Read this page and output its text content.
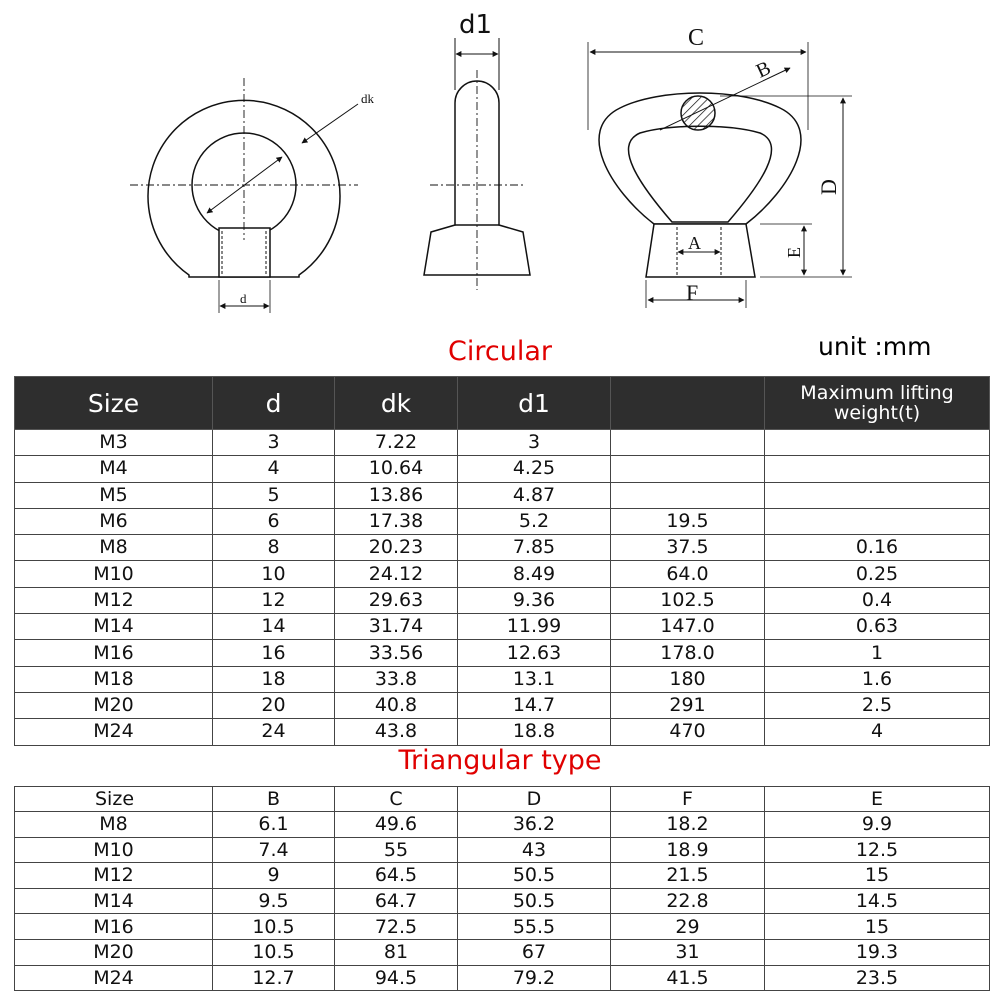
dk
d
d1	C
B
D
A	E
F
Circular	unit :mm
Size	d	dk	d1		Maximum lifting weight(t)
M3	3	7.22	3		
M4	4	10.64	4.25		
M5	5	13.86	4.87		
M6	6	17.38	5.2	19.5	
M8	8	20.23	7.85	37.5	0.16
M10	10	24.12	8.49	64.0	0.25
M12	12	29.63	9.36	102.5	0.4
M14	14	31.74	11.99	147.0	0.63
M16	16	33.56	12.63	178.0	1
M18	18	33.8	13.1	180	1.6
M20	20	40.8	14.7	291	2.5
M24	24	43.8	18.8	470	4
Triangular type
Size	B	C	D	F	E
M8	6.1	49.6	36.2	18.2	9.9
M10	7.4	55	43	18.9	12.5
M12	9	64.5	50.5	21.5	15
M14	9.5	64.7	50.5	22.8	14.5
M16	10.5	72.5	55.5	29	15
M20	10.5	81	67	31	19.3
M24	12.7	94.5	79.2	41.5	23.5
